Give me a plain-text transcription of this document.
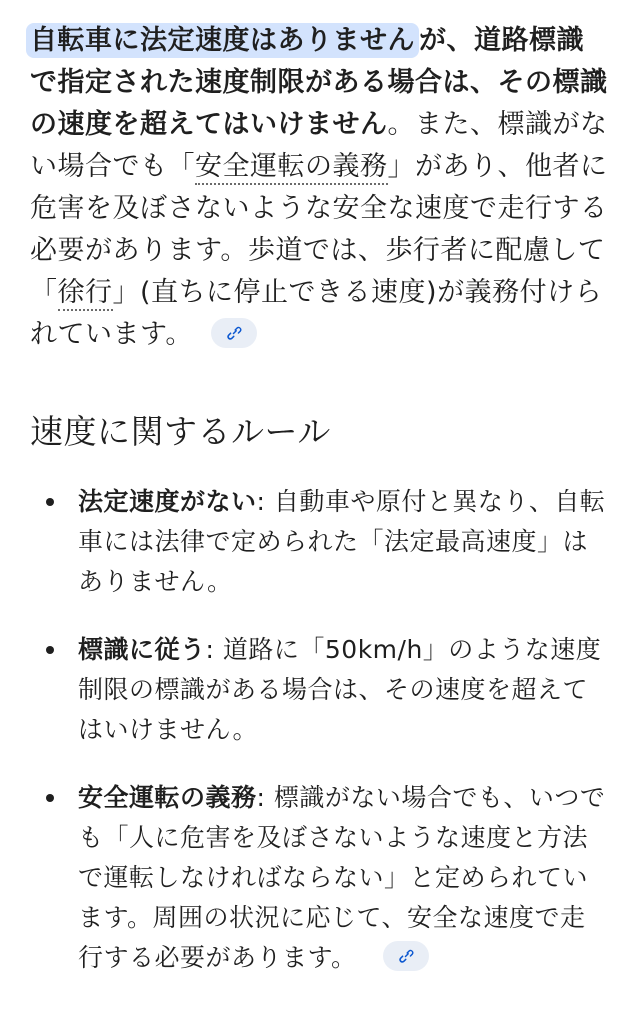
自転車に法定速度はありません が、道路標識で指定された速度制限がある場合は、その標識の速度を超えてはいけません。また、標識がない場合でも「安全運転の義務」があり、他者に危害を及ぼさないような安全な速度で走行する必要があります。歩道では、歩行者に配慮して「徐行」(直ちに停止できる速度)が義務付けられています。

速度に関するルール
法定速度がない: 自動車や原付と異なり、自転車には法律で定められた「法定最高速度」はありません。
標識に従う: 道路に「50km/h」のような速度制限の標識がある場合は、その速度を超えてはいけません。
安全運転の義務: 標識がない場合でも、いつでも「人に危害を及ぼさないような速度と方法で運転しなければならない」と定められています。周囲の状況に応じて、安全な速度で走行する必要があります。
